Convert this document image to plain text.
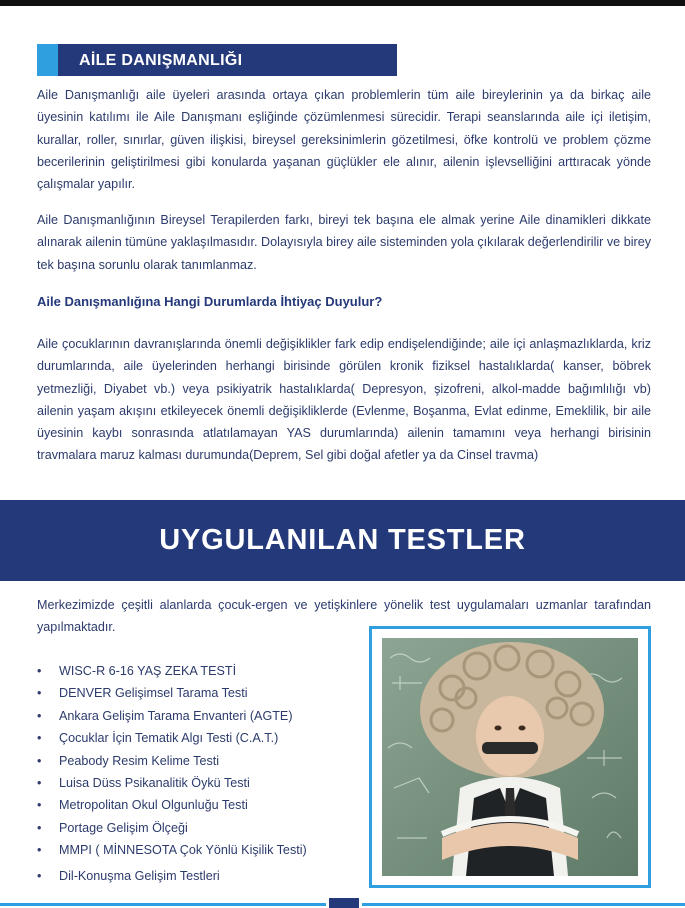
AİLE DANIŞMANLIĞI

Aile Danışmanlığı aile üyeleri arasında ortaya çıkan problemlerin tüm aile bireylerinin ya da birkaç aile üyesinin katılımı ile Aile Danışmanı eşliğinde çözümlenmesi sürecidir. Terapi seanslarında aile içi iletişim, kurallar, roller, sınırlar, güven ilişkisi, bireysel gereksinimlerin gözetilmesi, öfke kontrolü ve problem çözme becerilerinin geliştirilmesi gibi konularda yaşanan güçlükler ele alınır, ailenin işlevselliğini arttıracak yönde çalışmalar yapılır.

Aile Danışmanlığının Bireysel Terapilerden farkı, bireyi tek başına ele almak yerine Aile dinamikleri dikkate alınarak ailenin tümüne yaklaşılmasıdır. Dolayısıyla birey aile sisteminden yola çıkılarak değerlendirilir ve birey tek başına sorunlu olarak tanımlanmaz.

Aile Danışmanlığına Hangi Durumlarda İhtiyaç Duyulur?

Aile çocuklarının davranışlarında önemli değişiklikler fark edip endişelendiğinde; aile içi anlaşmazlıklarda, kriz durumlarında, aile üyelerinden herhangi birisinde görülen kronik fiziksel hastalıklarda( kanser, böbrek yetmezliği, Diyabet vb.) veya psikiyatrik hastalıklarda( Depresyon, şizofreni, alkol-madde bağımlılığı vb) ailenin yaşam akışını etkileyecek önemli değişikliklerde (Evlenme, Boşanma, Evlat edinme, Emeklilik, bir aile üyesinin kaybı sonrasında atlatılamayan YAS durumlarında) ailenin tamamını veya herhangi birisinin travmalara maruz kalması durumunda(Deprem, Sel gibi doğal afetler ya da Cinsel travma)

UYGULANILAN TESTLER

Merkezimizde çeşitli alanlarda çocuk-ergen ve yetişkinlere yönelik test uygulamaları uzmanlar tarafından yapılmaktadır.

• WISC-R 6-16 YAŞ ZEKA TESTİ
• DENVER Gelişimsel Tarama Testi
• Ankara Gelişim Tarama Envanteri (AGTE)
• Çocuklar İçin Tematik Algı Testi (C.A.T.)
• Peabody Resim Kelime Testi
• Luisa Düss Psikanalitik Öykü Testi
• Metropolitan Okul Olgunluğu Testi
• Portage Gelişim Ölçeği
• MMPI ( MİNNESOTA Çok Yönlü Kişilik Testi)
• Dil-Konuşma Gelişim Testleri
